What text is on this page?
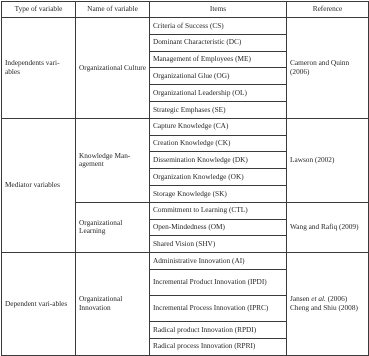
Type of variable	Name of variable	Items	Reference
Independents vari-ables	Organizational Culture	Criteria of Success (CS)	Cameron and Quinn (2006)
		Dominant Characteristic (DC)	
		Management of Employees (ME)	
		Organizational Glue (OG)	
		Organizational Leadership (OL)	
		Strategic Emphases (SE)	
Mediator variables	Knowledge Man-agement	Capture Knowledge (CA)	Lawson (2002)
		Creation Knowledge (CK)	
		Dissemination Knowledge (DK)	
		Organization Knowledge (OK)	
		Storage Knowledge (SK)	
	Organizational Learning	Commitment to Learning (CTL)	Wang and Rafiq (2009)
		Open-Mindedness (OM)	
		Shared Vision (SHV)	
Dependent vari-ables	Organizational Innovation	Administrative Innovation (AI)	Jansen et al. (2006) Cheng and Shiu (2008)
		Incremental Product Innovation (IPDI)	
		Incremental Process Innovation (IPRC)	
		Radical product Innovation (RPDI)	
		Radical process Innovation (RPRI)	
